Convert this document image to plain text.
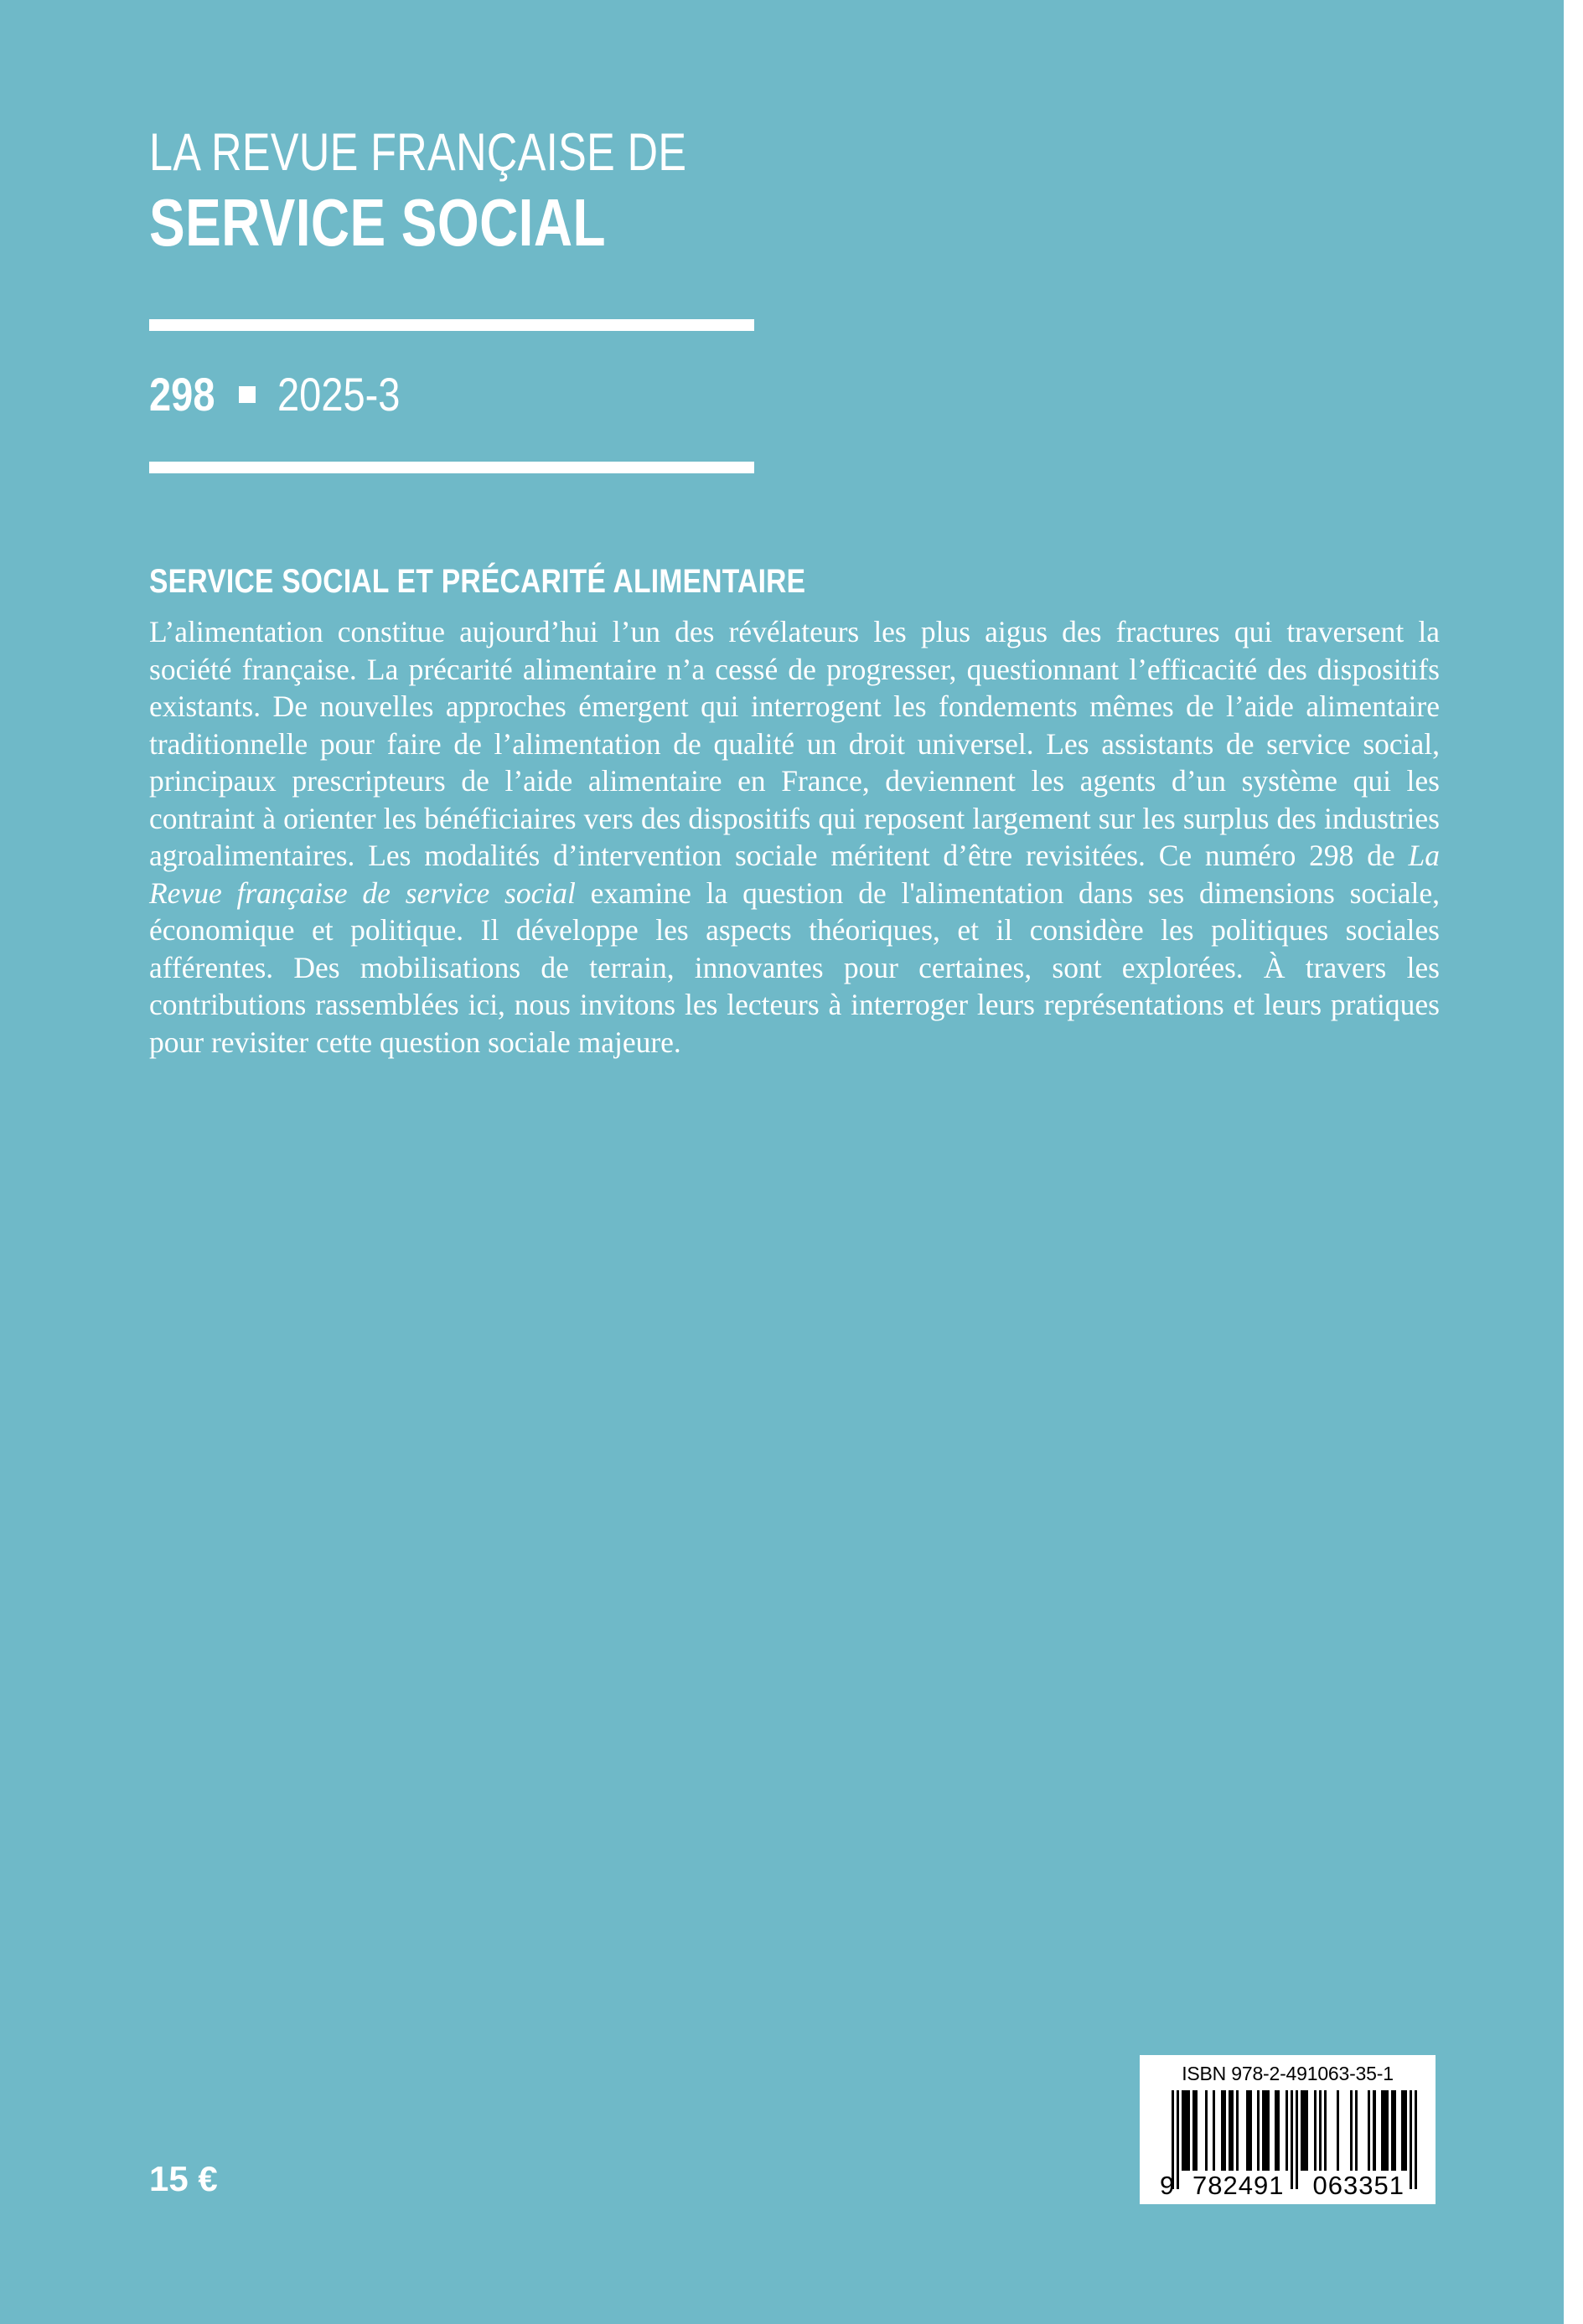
LA REVUE FRANÇAISE DE
SERVICE SOCIAL
298 2025-3
SERVICE SOCIAL ET PRÉCARITÉ ALIMENTAIRE

L’alimentation constitue aujourd’hui l’un des révélateurs les plus aigus des fractures qui traversent la société française. La précarité alimentaire n’a cessé de progresser, questionnant l’efficacité des dispositifs existants. De nouvelles approches émergent qui interrogent les fondements mêmes de l’aide alimentaire traditionnelle pour faire de l’alimentation de qualité un droit universel. Les assistants de service social, principaux prescripteurs de l’aide alimentaire en France, deviennent les agents d’un système qui les contraint à orienter les bénéficiaires vers des dispositifs qui reposent largement sur les surplus des industries agroalimentaires. Les modalités d’intervention sociale méritent d’être revisitées. Ce numéro 298 de La Revue française de service social examine la question de l'alimentation dans ses dimensions sociale, économique et politique. Il développe les aspects théoriques, et il considère les politiques sociales afférentes. Des mobilisations de terrain, innovantes pour certaines, sont explorées. À travers les contributions rassemblées ici, nous invitons les lecteurs à interroger leurs représentations et leurs pratiques pour revisiter cette question sociale majeure.

15 €
ISBN 978-2-491063-35-1
9 782491	063351
